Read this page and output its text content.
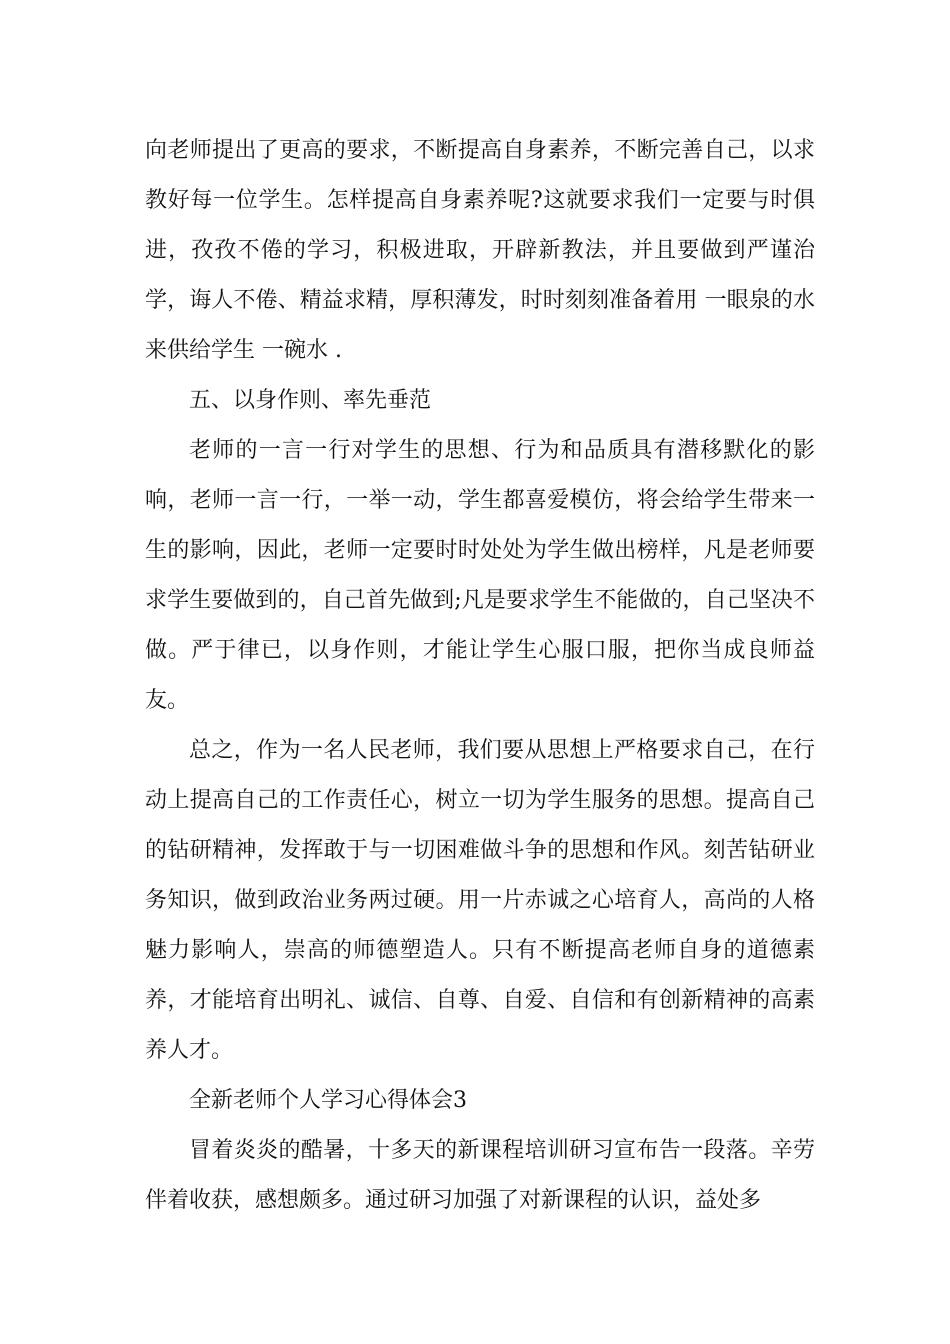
向老师提出了更高的要求，不断提高自身素养，不断完善自己，以求教好每一位学生。怎样提高自身素养呢?这就要求我们一定要与时俱进，孜孜不倦的学习，积极进取，开辟新教法，并且要做到严谨治学，诲人不倦、精益求精，厚积薄发，时时刻刻准备着用 一眼泉的水 来供给学生 一碗水 .

五、以身作则、率先垂范

老师的一言一行对学生的思想、行为和品质具有潜移默化的影响，老师一言一行，一举一动，学生都喜爱模仿，将会给学生带来一生的影响，因此，老师一定要时时处处为学生做出榜样，凡是老师要求学生要做到的，自己首先做到;凡是要求学生不能做的，自己坚决不做。严于律已，以身作则，才能让学生心服口服，把你当成良师益友。

总之，作为一名人民老师，我们要从思想上严格要求自己，在行动上提高自己的工作责任心，树立一切为学生服务的思想。提高自己的钻研精神，发挥敢于与一切困难做斗争的思想和作风。刻苦钻研业务知识，做到政治业务两过硬。用一片赤诚之心培育人，高尚的人格魅力影响人，崇高的师德塑造人。只有不断提高老师自身的道德素养，才能培育出明礼、诚信、自尊、自爱、自信和有创新精神的高素养人才。

全新老师个人学习心得体会3

冒着炎炎的酷暑，十多天的新课程培训研习宣布告一段落。辛劳伴着收获，感想颇多。通过研习加强了对新课程的认识，益处多
